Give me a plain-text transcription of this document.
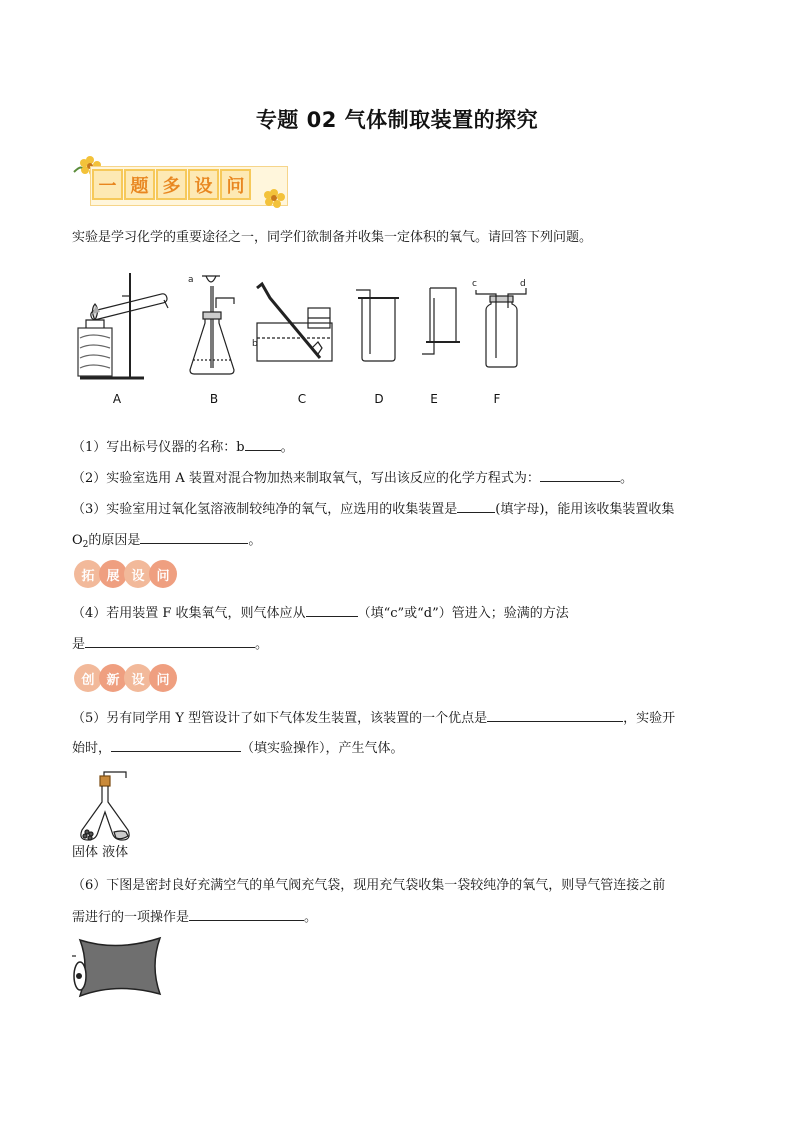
专题 02 气体制取装置的探究
一 题 多 设 问
实验是学习化学的重要途径之一，同学们欲制备并收集一定体积的氧气。请回答下列问题。
a
b
c	d
A	B	C	D	E	F
（1）写出标号仪器的名称：b	。
（2）实验室选用 A 装置对混合物加热来制取氧气，写出该反应的化学方程式为：	。
（3）实验室用过氧化氢溶液制较纯净的氧气，应选用的收集装置是	(填字母)，能用该收集装置收集
$O_2$的原因是	。
拓 展 设 问
（4）若用装置 F 收集氧气，则气体应从	（填“c”或“d”）管进入；验满的方法
是	。
创 新 设 问
（5）另有同学用 Y 型管设计了如下气体发生装置，该装置的一个优点是	，实验开
始时，	（填实验操作），产生气体。
固体 液体
（6）下图是密封良好充满空气的单气阀充气袋，现用充气袋收集一袋较纯净的氧气，则导气管连接之前
需进行的一项操作是	。
